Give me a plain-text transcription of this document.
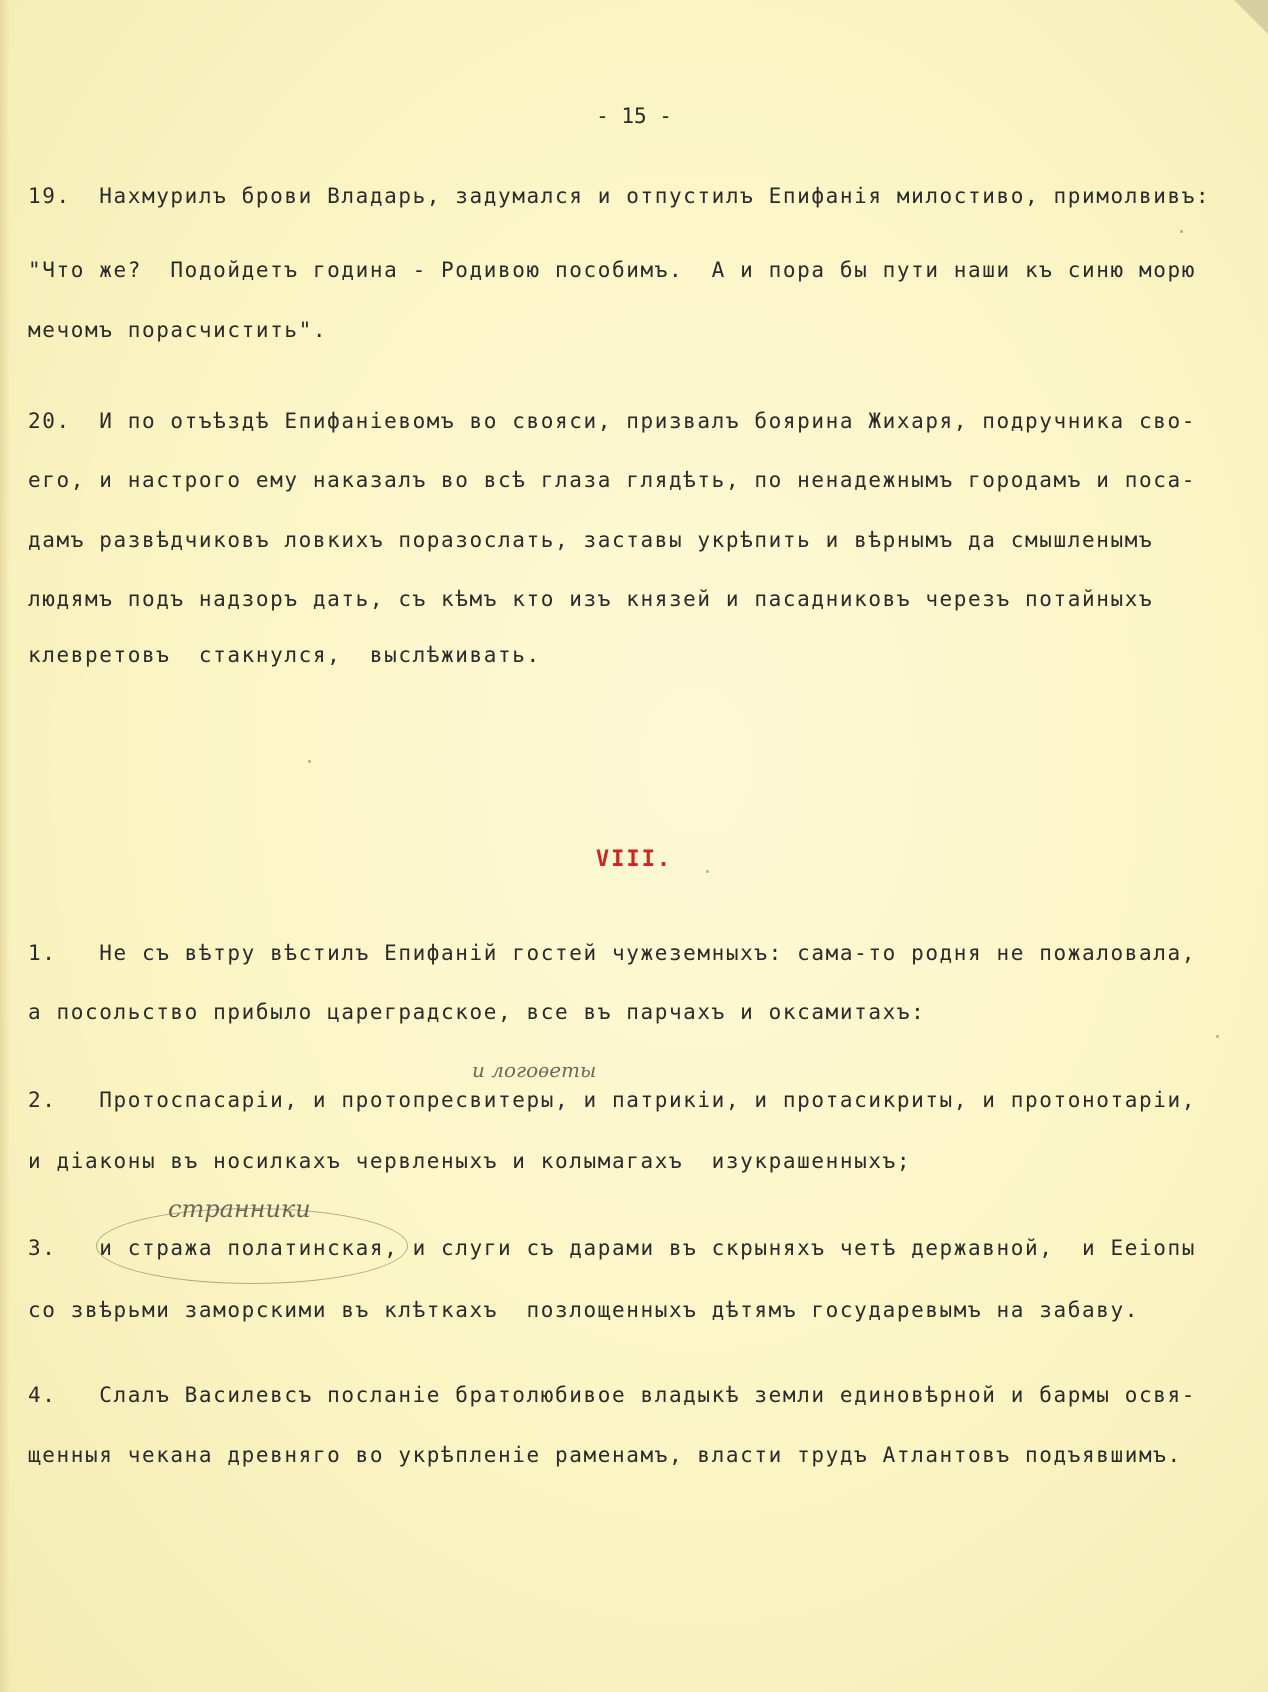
- 15 -
19.  Нахмурилъ брови Владарь, задумался и отпустилъ Епифанія милостиво, примолвивъ:
"Что же?  Подойдетъ година - Родивою пособимъ.  А и пора бы пути наши къ синю морю
мечомъ порасчистить".
20.  И по отъѣздѣ Епифаніевомъ во свояси, призвалъ боярина Жихаря, подручника сво-
его, и настрого ему наказалъ во всѣ глаза глядѣть, по ненадежнымъ городамъ и поса-
дамъ развѣдчиковъ ловкихъ поразослать, заставы укрѣпить и вѣрнымъ да смышленымъ
людямъ подъ надзоръ дать, съ кѣмъ кто изъ князей и пасадниковъ черезъ потайныхъ
клевретовъ  стакнулся,  выслѣживать.
VIII.
1.   Не съ вѣтру вѣстилъ Епифаній гостей чужеземныхъ: сама-то родня не пожаловала,
а посольство прибыло цареградское, все въ парчахъ и оксамитахъ:
и логоѳеты
2.   Протоспасаріи, и протопресвитеры, и патрикіи, и протасикриты, и протонотаріи,
и діаконы въ носилкахъ червленыхъ и колымагахъ  изукрашенныхъ;
странники
3.   и стража полатинская, и слуги съ дарами въ скрыняхъ четѣ державной,  и Ееіопы
со звѣрьми заморскими въ клѣткахъ  позлощенныхъ дѣтямъ государевымъ на забаву.
4.   Слалъ Василевсъ посланіе братолюбивое владыкѣ земли единовѣрной и бармы освя-
щенныя чекана древняго во укрѣпленіе раменамъ, власти трудъ Атлантовъ подъявшимъ.
